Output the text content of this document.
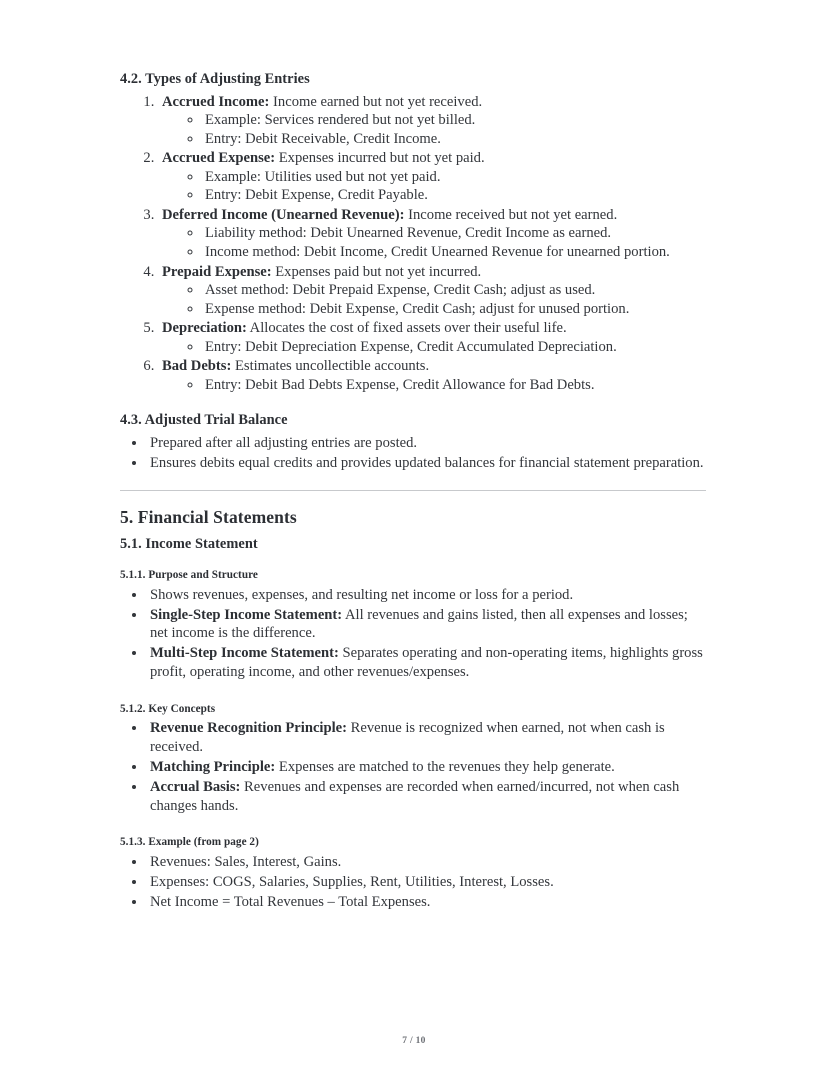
4.2. Types of Adjusting Entries
1. Accrued Income: Income earned but not yet received.
◦ Example: Services rendered but not yet billed.
◦ Entry: Debit Receivable, Credit Income.
2. Accrued Expense: Expenses incurred but not yet paid.
◦ Example: Utilities used but not yet paid.
◦ Entry: Debit Expense, Credit Payable.
3. Deferred Income (Unearned Revenue): Income received but not yet earned.
◦ Liability method: Debit Unearned Revenue, Credit Income as earned.
◦ Income method: Debit Income, Credit Unearned Revenue for unearned portion.
4. Prepaid Expense: Expenses paid but not yet incurred.
◦ Asset method: Debit Prepaid Expense, Credit Cash; adjust as used.
◦ Expense method: Debit Expense, Credit Cash; adjust for unused portion.
5. Depreciation: Allocates the cost of fixed assets over their useful life.
◦ Entry: Debit Depreciation Expense, Credit Accumulated Depreciation.
6. Bad Debts: Estimates uncollectible accounts.
◦ Entry: Debit Bad Debts Expense, Credit Allowance for Bad Debts.
4.3. Adjusted Trial Balance
• Prepared after all adjusting entries are posted.
• Ensures debits equal credits and provides updated balances for financial statement preparation.
5. Financial Statements
5.1. Income Statement
5.1.1. Purpose and Structure
• Shows revenues, expenses, and resulting net income or loss for a period.
• Single-Step Income Statement: All revenues and gains listed, then all expenses and losses; net income is the difference.
• Multi-Step Income Statement: Separates operating and non-operating items, highlights gross profit, operating income, and other revenues/expenses.
5.1.2. Key Concepts
• Revenue Recognition Principle: Revenue is recognized when earned, not when cash is received.
• Matching Principle: Expenses are matched to the revenues they help generate.
• Accrual Basis: Revenues and expenses are recorded when earned/incurred, not when cash changes hands.
5.1.3. Example (from page 2)
• Revenues: Sales, Interest, Gains.
• Expenses: COGS, Salaries, Supplies, Rent, Utilities, Interest, Losses.
• Net Income = Total Revenues – Total Expenses.
7 / 10
